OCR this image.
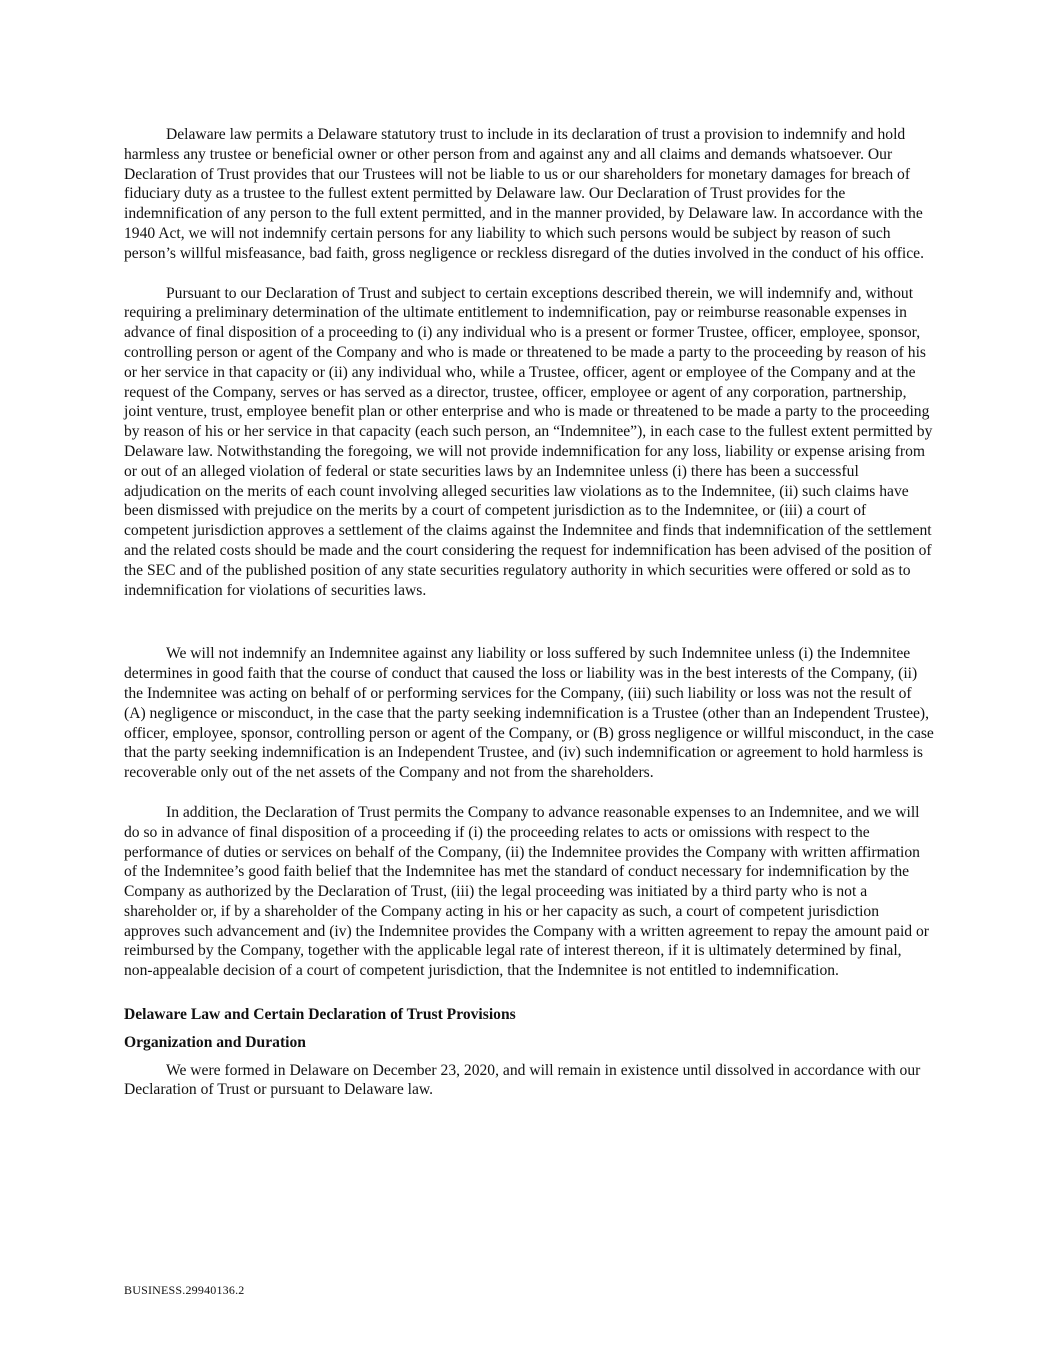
Delaware law permits a Delaware statutory trust to include in its declaration of trust a provision to indemnify and hold harmless any trustee or beneficial owner or other person from and against any and all claims and demands whatsoever. Our Declaration of Trust provides that our Trustees will not be liable to us or our shareholders for monetary damages for breach of fiduciary duty as a trustee to the fullest extent permitted by Delaware law. Our Declaration of Trust provides for the indemnification of any person to the full extent permitted, and in the manner provided, by Delaware law. In accordance with the 1940 Act, we will not indemnify certain persons for any liability to which such persons would be subject by reason of such person’s willful misfeasance, bad faith, gross negligence or reckless disregard of the duties involved in the conduct of his office.

Pursuant to our Declaration of Trust and subject to certain exceptions described therein, we will indemnify and, without requiring a preliminary determination of the ultimate entitlement to indemnification, pay or reimburse reasonable expenses in advance of final disposition of a proceeding to (i) any individual who is a present or former Trustee, officer, employee, sponsor, controlling person or agent of the Company and who is made or threatened to be made a party to the proceeding by reason of his or her service in that capacity or (ii) any individual who, while a Trustee, officer, agent or employee of the Company and at the request of the Company, serves or has served as a director, trustee, officer, employee or agent of any corporation, partnership, joint venture, trust, employee benefit plan or other enterprise and who is made or threatened to be made a party to the proceeding by reason of his or her service in that capacity (each such person, an “Indemnitee”), in each case to the fullest extent permitted by Delaware law. Notwithstanding the foregoing, we will not provide indemnification for any loss, liability or expense arising from or out of an alleged violation of federal or state securities laws by an Indemnitee unless (i) there has been a successful adjudication on the merits of each count involving alleged securities law violations as to the Indemnitee, (ii) such claims have been dismissed with prejudice on the merits by a court of competent jurisdiction as to the Indemnitee, or (iii) a court of competent jurisdiction approves a settlement of the claims against the Indemnitee and finds that indemnification of the settlement and the related costs should be made and the court considering the request for indemnification has been advised of the position of the SEC and of the published position of any state securities regulatory authority in which securities were offered or sold as to indemnification for violations of securities laws.

We will not indemnify an Indemnitee against any liability or loss suffered by such Indemnitee unless (i) the Indemnitee determines in good faith that the course of conduct that caused the loss or liability was in the best interests of the Company, (ii) the Indemnitee was acting on behalf of or performing services for the Company, (iii) such liability or loss was not the result of (A) negligence or misconduct, in the case that the party seeking indemnification is a Trustee (other than an Independent Trustee), officer, employee, sponsor, controlling person or agent of the Company, or (B) gross negligence or willful misconduct, in the case that the party seeking indemnification is an Independent Trustee, and (iv) such indemnification or agreement to hold harmless is recoverable only out of the net assets of the Company and not from the shareholders.

In addition, the Declaration of Trust permits the Company to advance reasonable expenses to an Indemnitee, and we will do so in advance of final disposition of a proceeding if (i) the proceeding relates to acts or omissions with respect to the performance of duties or services on behalf of the Company, (ii) the Indemnitee provides the Company with written affirmation of the Indemnitee’s good faith belief that the Indemnitee has met the standard of conduct necessary for indemnification by the Company as authorized by the Declaration of Trust, (iii) the legal proceeding was initiated by a third party who is not a shareholder or, if by a shareholder of the Company acting in his or her capacity as such, a court of competent jurisdiction approves such advancement and (iv) the Indemnitee provides the Company with a written agreement to repay the amount paid or reimbursed by the Company, together with the applicable legal rate of interest thereon, if it is ultimately determined by final, non-appealable decision of a court of competent jurisdiction, that the Indemnitee is not entitled to indemnification.

Delaware Law and Certain Declaration of Trust Provisions

Organization and Duration

We were formed in Delaware on December 23, 2020, and will remain in existence until dissolved in accordance with our Declaration of Trust or pursuant to Delaware law.

BUSINESS.29940136.2
